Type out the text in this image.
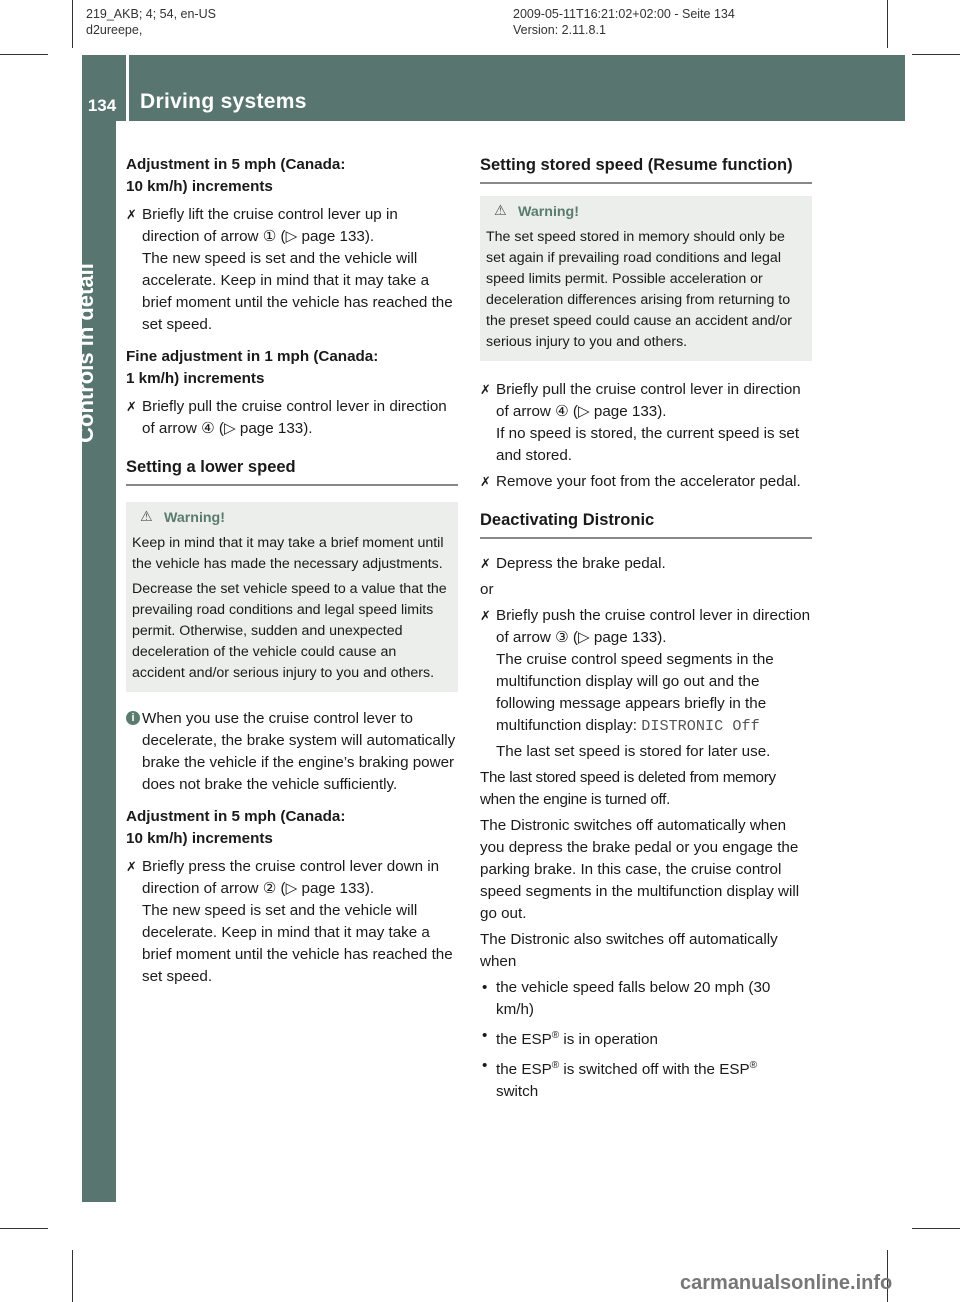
219_AKB; 4; 54, en-US
d2ureepe,
2009-05-11T16:21:02+02:00 - Seite 134
Version: 2.11.8.1
134 Driving systems
Controls in detail

Adjustment in 5 mph (Canada:
10 km/h) increments

✗ Briefly lift the cruise control lever up in direction of arrow ① (▷ page 133).

The new speed is set and the vehicle will accelerate. Keep in mind that it may take a brief moment until the vehicle has reached the set speed.

Fine adjustment in 1 mph (Canada:
1 km/h) increments

✗ Briefly pull the cruise control lever in direction of arrow ④ (▷ page 133).

Setting a lower speed

⚠ Warning!

Keep in mind that it may take a brief moment until the vehicle has made the necessary adjustments.

Decrease the set vehicle speed to a value that the prevailing road conditions and legal speed limits permit. Otherwise, sudden and unexpected deceleration of the vehicle could cause an accident and/or serious injury to you and others.

i When you use the cruise control lever to decelerate, the brake system will automatically brake the vehicle if the engine’s braking power does not brake the vehicle sufficiently.

Adjustment in 5 mph (Canada:
10 km/h) increments

✗ Briefly press the cruise control lever down in direction of arrow ② (▷ page 133).

The new speed is set and the vehicle will decelerate. Keep in mind that it may take a brief moment until the vehicle has reached the set speed.

Setting stored speed (Resume function)

⚠ Warning!

The set speed stored in memory should only be set again if prevailing road conditions and legal speed limits permit. Possible acceleration or deceleration differences arising from returning to the preset speed could cause an accident and/or serious injury to you and others.

✗ Briefly pull the cruise control lever in direction of arrow ④ (▷ page 133).

If no speed is stored, the current speed is set and stored.

✗ Remove your foot from the accelerator pedal.

Deactivating Distronic

✗ Depress the brake pedal.

or

✗ Briefly push the cruise control lever in direction of arrow ③ (▷ page 133).

The cruise control speed segments in the multifunction display will go out and the following message appears briefly in the multifunction display: DISTRONIC Off

The last set speed is stored for later use.

The last stored speed is deleted from memory when the engine is turned off.

The Distronic switches off automatically when you depress the brake pedal or you engage the parking brake. In this case, the cruise control speed segments in the multifunction display will go out.

The Distronic also switches off automatically when

• the vehicle speed falls below 20 mph (30 km/h)

• the ESP® is in operation

• the ESP® is switched off with the ESP®
switch

carmanualsonline.info
